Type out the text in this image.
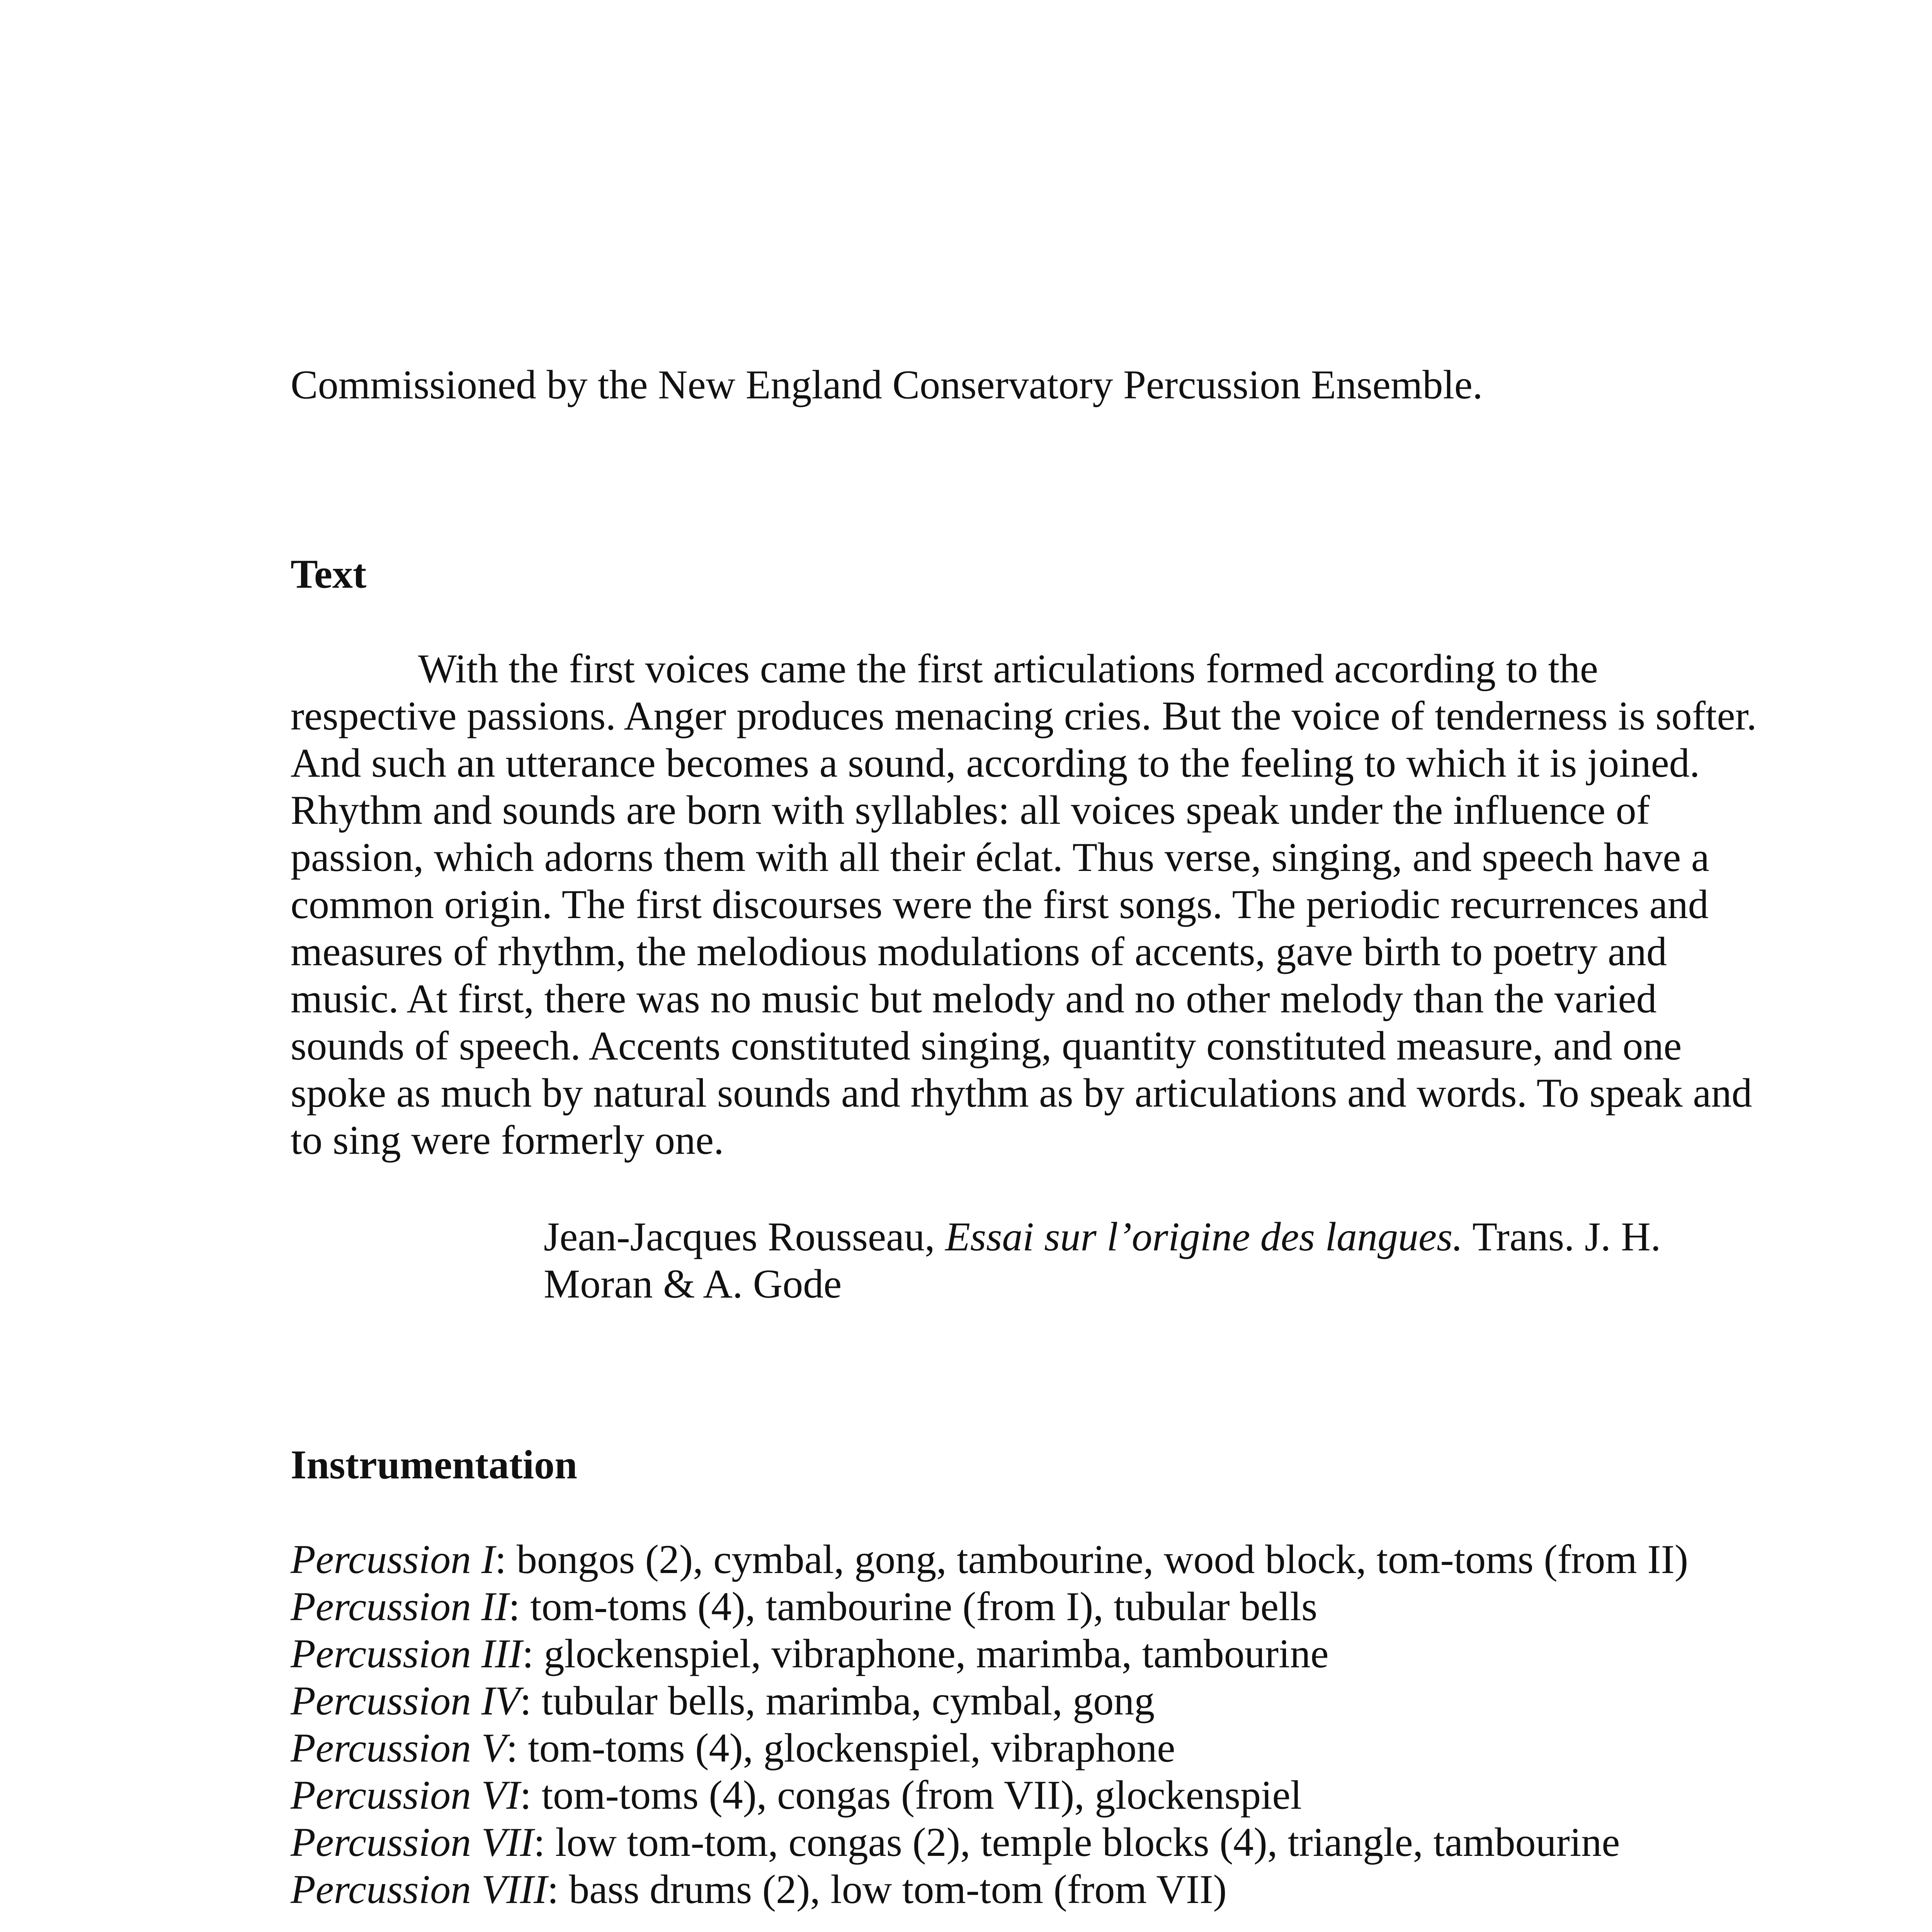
Commissioned by the New England Conservatory Percussion Ensemble.
Text
With the first voices came the first articulations formed according to the
respective passions. Anger produces menacing cries. But the voice of tenderness is softer.
And such an utterance becomes a sound, according to the feeling to which it is joined.
Rhythm and sounds are born with syllables: all voices speak under the influence of
passion, which adorns them with all their éclat. Thus verse, singing, and speech have a
common origin. The first discourses were the first songs. The periodic recurrences and
measures of rhythm, the melodious modulations of accents, gave birth to poetry and
music. At first, there was no music but melody and no other melody than the varied
sounds of speech. Accents constituted singing, quantity constituted measure, and one
spoke as much by natural sounds and rhythm as by articulations and words. To speak and
to sing were formerly one.
Jean-Jacques Rousseau, Essai sur l’origine des langues. Trans. J. H.
Moran & A. Gode
Instrumentation
Percussion I: bongos (2), cymbal, gong, tambourine, wood block, tom-toms (from II)
Percussion II: tom-toms (4), tambourine (from I), tubular bells
Percussion III: glockenspiel, vibraphone, marimba, tambourine
Percussion IV: tubular bells, marimba, cymbal, gong
Percussion V: tom-toms (4), glockenspiel, vibraphone
Percussion VI: tom-toms (4), congas (from VII), glockenspiel
Percussion VII: low tom-tom, congas (2), temple blocks (4), triangle, tambourine
Percussion VIII: bass drums (2), low tom-tom (from VII)
